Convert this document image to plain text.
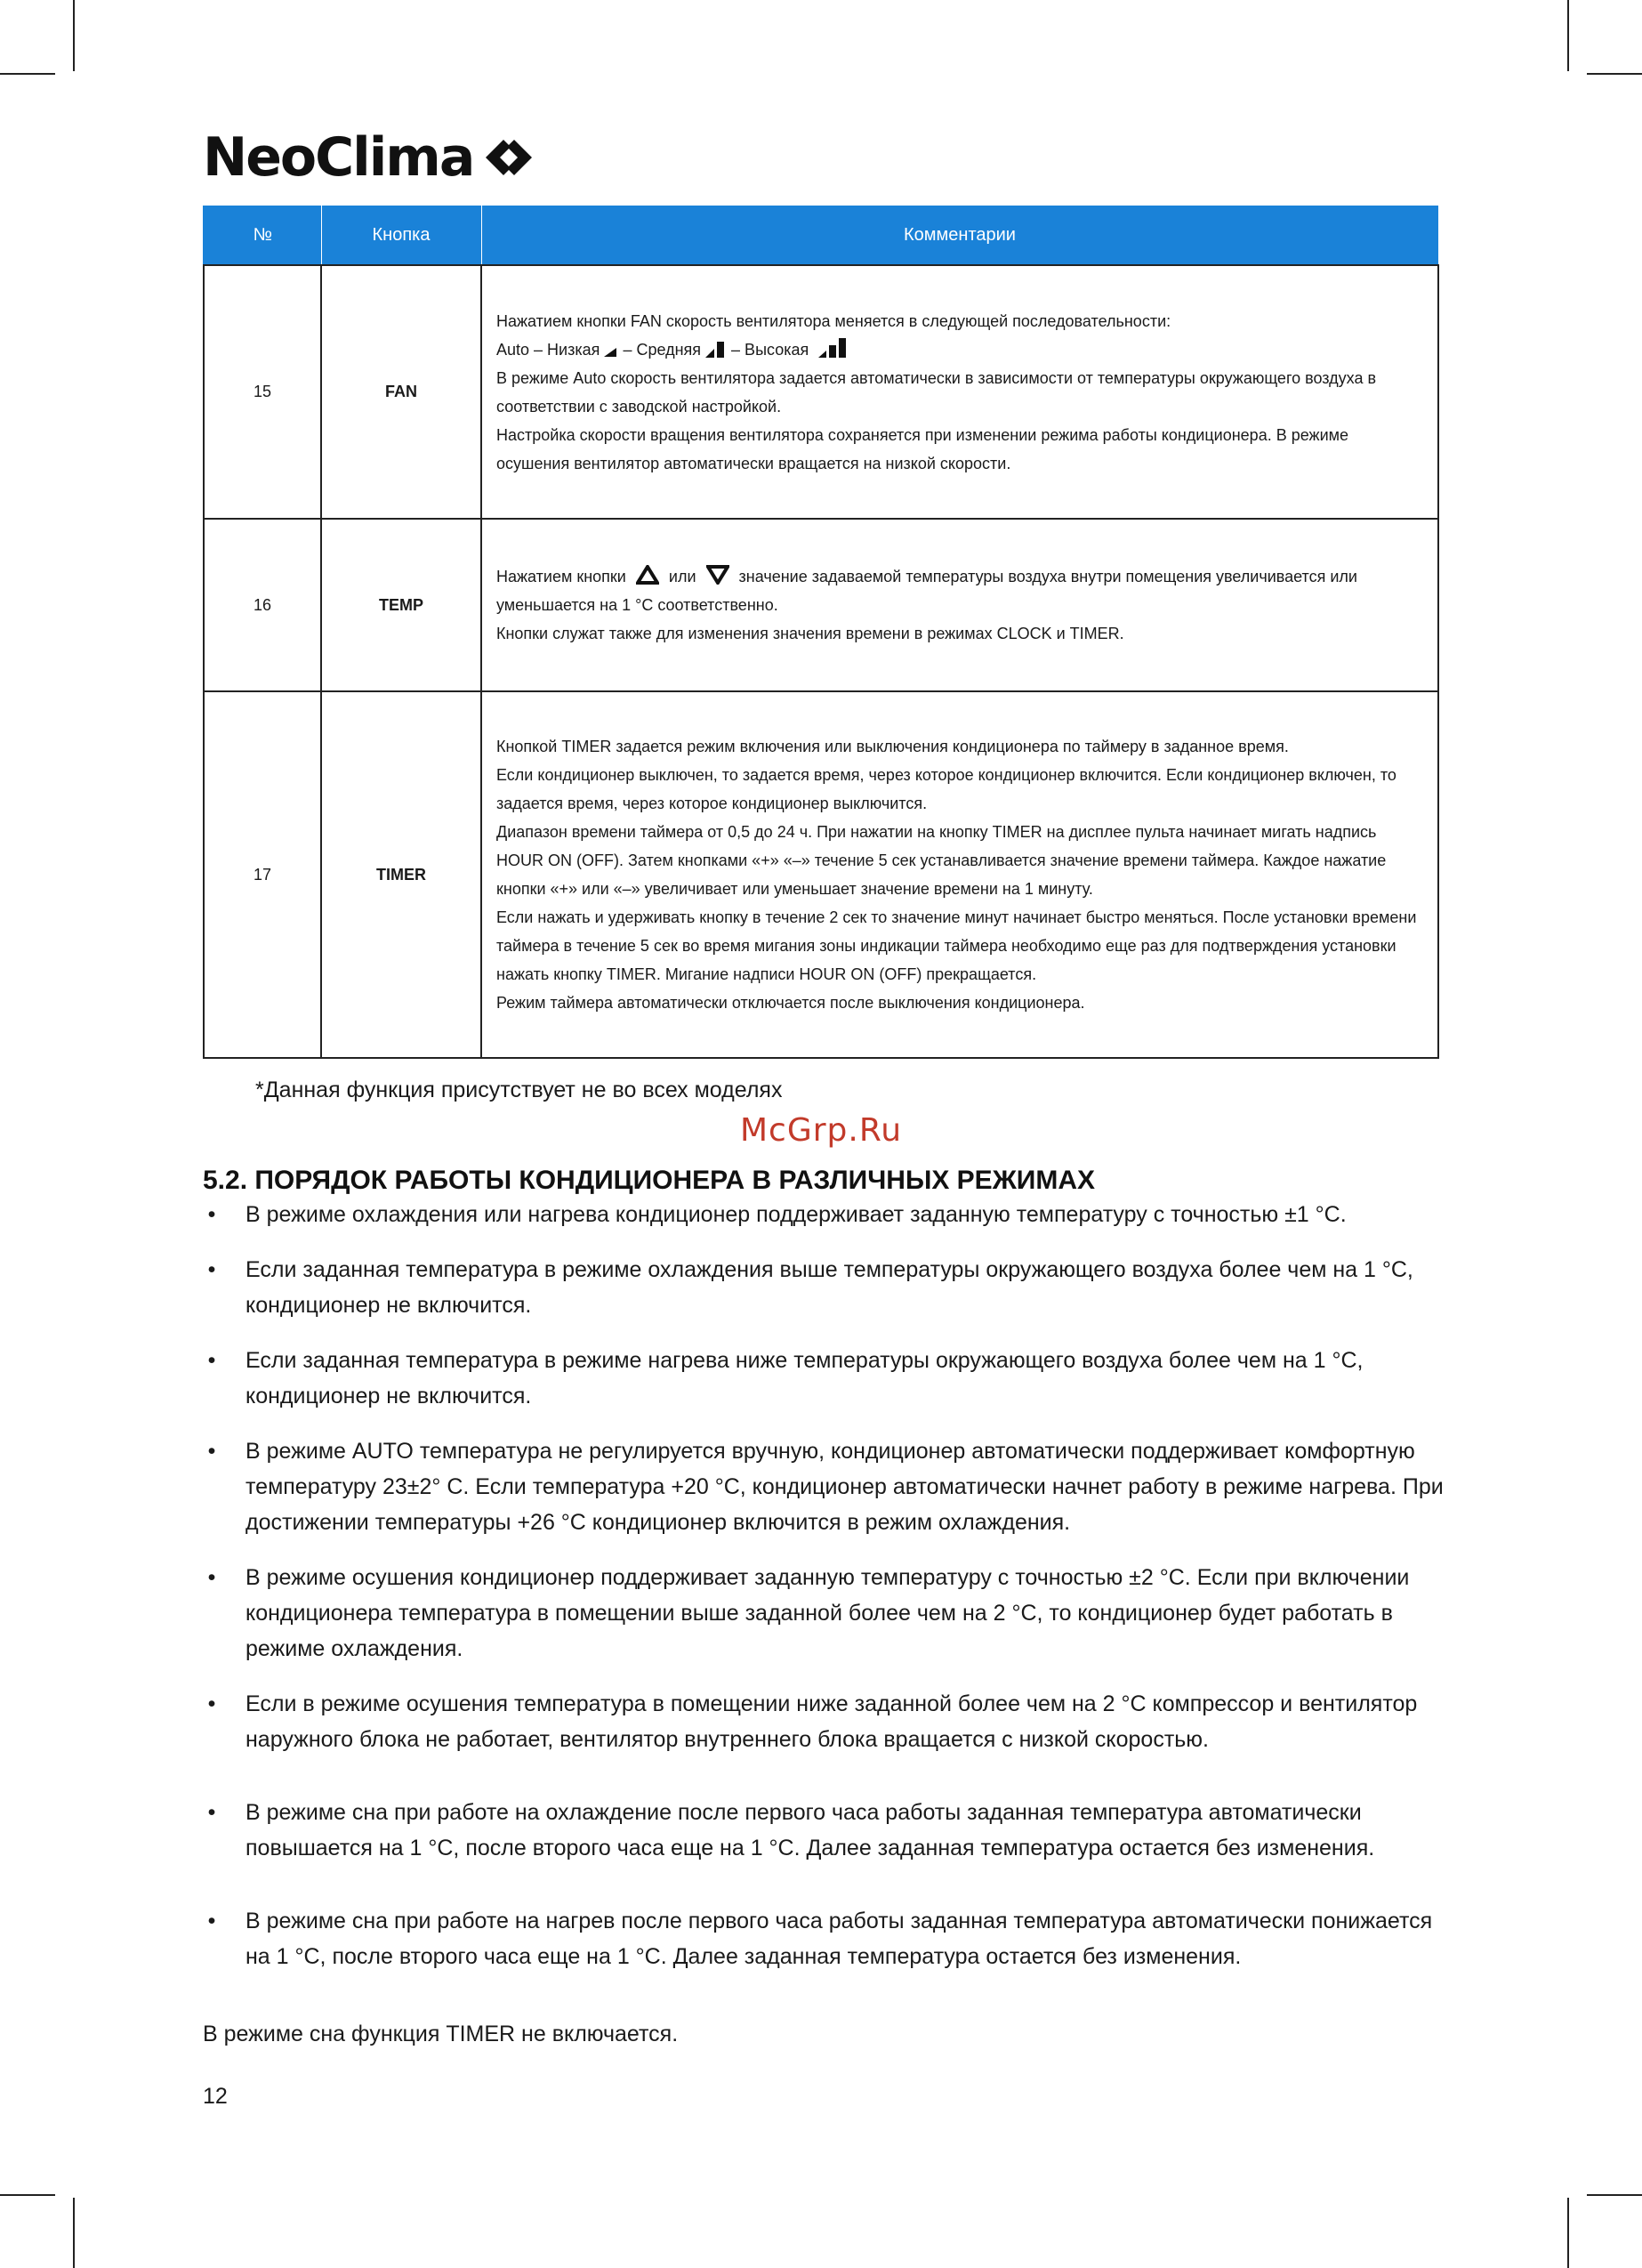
NeoClima
№	Кнопка	Комментарии
15	FAN	Нажатием кнопки FAN скорость вентилятора меняется в следующей последовательности:

Auto – Низкая – Средняя – Высокая

В режиме Auto скорость вентилятора задается автоматически в зависимости от температуры окружающего воздуха в соответствии с заводской настройкой.

Настройка скорости вращения вентилятора сохраняется при изменении режима работы кондиционера. В режиме осушения вентилятор автоматически вращается на низкой скорости.

16	TEMP	Нажатием кнопки или значение задаваемой температуры воздуха внутри помещения увеличивается или уменьшается на 1 °C соответственно.

Кнопки служат также для изменения значения времени в режимах CLOCK и TIMER.

17	TIMER	Кнопкой TIMER задается режим включения или выключения кондиционера по таймеру в заданное время.

Если кондиционер выключен, то задается время, через которое кондиционер включится. Если кондиционер включен, то задается время, через которое кондиционер выключится.

Диапазон времени таймера от 0,5 до 24 ч. При нажатии на кнопку TIMER на дисплее пульта начинает мигать надпись HOUR ON (OFF). Затем кнопками «+» «–» течение 5 сек устанавливается значение времени таймера. Каждое нажатие кнопки «+» или «–» увеличивает или уменьшает значение времени на 1 минуту.

Если нажать и удерживать кнопку в течение 2 сек то значение минут начинает быстро меняться. После установки времени таймера в течение 5 сек во время мигания зоны индикации таймера необходимо еще раз для подтверждения установки нажать кнопку TIMER. Мигание надписи HOUR ON (OFF) прекращается.

Режим таймера автоматически отключается после выключения кондиционера.

*Данная функция присутствует не во всех моделях
McGrp.Ru
5.2. ПОРЯДОК РАБОТЫ КОНДИЦИОНЕРА В РАЗЛИЧНЫХ РЕЖИМАХ
• В режиме охлаждения или нагрева кондиционер поддерживает заданную температуру с точностью ±1 °C.
• Если заданная температура в режиме охлаждения выше температуры окружающего воздуха более чем на 1 °C, кондиционер не включится.
• Если заданная температура в режиме нагрева ниже температуры окружающего воздуха более чем на 1 °C, кондиционер не включится.
• В режиме AUTO температура не регулируется вручную, кондиционер автоматически поддерживает комфортную температуру 23±2° С. Если температура +20 °C, кондиционер автоматически начнет работу в режиме нагрева. При достижении температуры +26 °C кондиционер включится в режим охлаждения.
• В режиме осушения кондиционер поддерживает заданную температуру с точностью ±2 °C. Если при включении кондиционера температура в помещении выше заданной более чем на 2 °C, то кондиционер будет работать в режиме охлаждения.
• Если в режиме осушения температура в помещении ниже заданной более чем на 2 °C компрессор и вентилятор наружного блока не работает, вентилятор внутреннего блока вращается с низкой скоростью.
• В режиме сна при работе на охлаждение после первого часа работы заданная температура автоматически повышается на 1 °C, после второго часа еще на 1 °C. Далее заданная температура остается без изменения.
• В режиме сна при работе на нагрев после первого часа работы заданная температура автоматически понижается на 1 °C, после второго часа еще на 1 °C. Далее заданная температура остается без изменения.
В режиме сна функция TIMER не включается.
12
